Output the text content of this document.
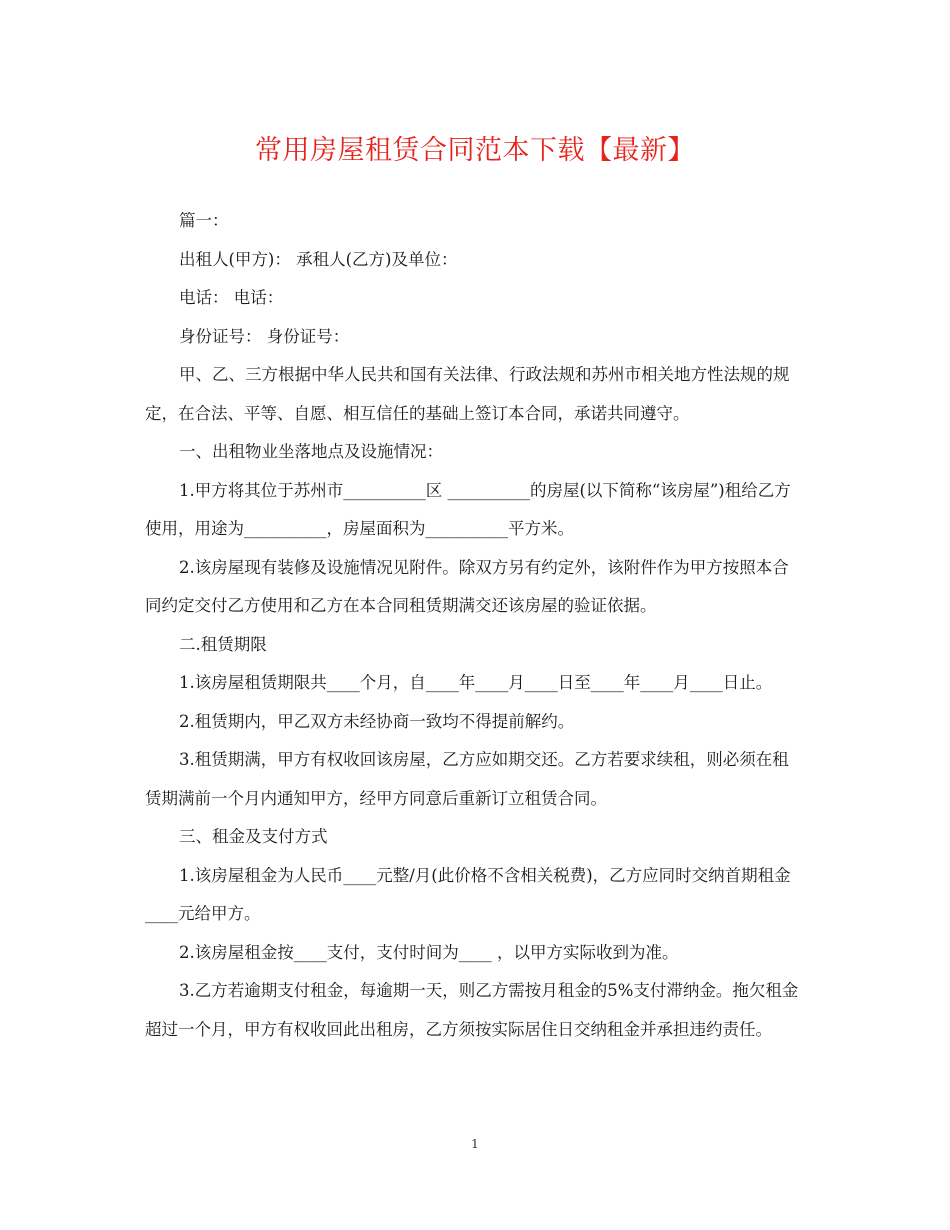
常用房屋租赁合同范本下载【最新】

篇一：

出租人(甲方)： 承租人(乙方)及单位：

电话： 电话：

身份证号： 身份证号：

甲、乙、三方根据中华人民共和国有关法律、行政法规和苏州市相关地方性法规的规定，在合法、平等、自愿、相互信任的基础上签订本合同，承诺共同遵守。

一、出租物业坐落地点及设施情况：

1.甲方将其位于苏州市__________区 __________的房屋(以下简称“该房屋”)租给乙方使用，用途为__________，房屋面积为__________平方米。

2.该房屋现有装修及设施情况见附件。除双方另有约定外，该附件作为甲方按照本合同约定交付乙方使用和乙方在本合同租赁期满交还该房屋的验证依据。

二.租赁期限

1.该房屋租赁期限共____个月，自____年____月____日至____年____月____日止。

2.租赁期内，甲乙双方未经协商一致均不得提前解约。

3.租赁期满，甲方有权收回该房屋，乙方应如期交还。乙方若要求续租，则必须在租赁期满前一个月内通知甲方，经甲方同意后重新订立租赁合同。

三、租金及支付方式

1.该房屋租金为人民币____元整/月(此价格不含相关税费)，乙方应同时交纳首期租金____元给甲方。

2.该房屋租金按____支付，支付时间为____ ，以甲方实际收到为准。

3.乙方若逾期支付租金，每逾期一天，则乙方需按月租金的5%支付滞纳金。拖欠租金超过一个月，甲方有权收回此出租房，乙方须按实际居住日交纳租金并承担违约责任。

1
